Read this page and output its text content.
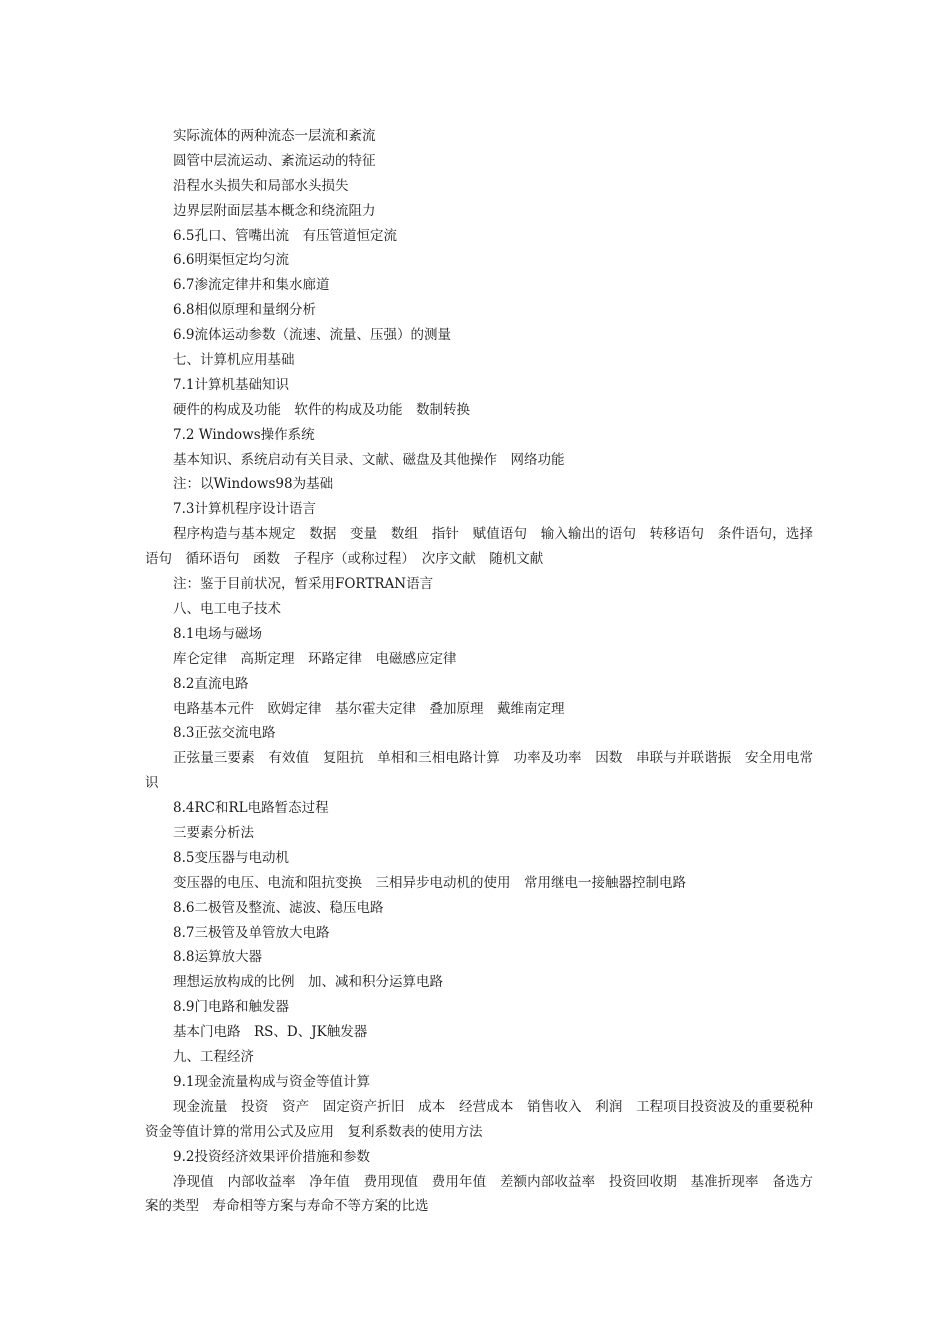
实际流体的两种流态一层流和紊流
圆管中层流运动、紊流运动的特征
沿程水头损失和局部水头损失
边界层附面层基本概念和绕流阻力
6.5孔口、管嘴出流　有压管道恒定流
6.6明渠恒定均匀流
6.7渗流定律井和集水廊道
6.8相似原理和量纲分析
6.9流体运动参数（流速、流量、压强）的测量
七、计算机应用基础
7.1计算机基础知识
硬件的构成及功能　软件的构成及功能　数制转换
7.2 Windows操作系统
基本知识、系统启动有关目录、文献、磁盘及其他操作　网络功能
注：以Windows98为基础
7.3计算机程序设计语言
程序构造与基本规定　数据　变量　数组　指针　赋值语句　输入输出的语句　转移语句　条件语句，选择语句　循环语句　函数　子程序（或称过程）　次序文献　随机文献
注：鉴于目前状况，暂采用FORTRAN语言
八、电工电子技术
8.1电场与磁场
库仑定律　高斯定理　环路定律　电磁感应定律
8.2直流电路
电路基本元件　欧姆定律　基尔霍夫定律　叠加原理　戴维南定理
8.3正弦交流电路
正弦量三要素　有效值　复阻抗　单相和三相电路计算　功率及功率　因数　串联与并联谐振　安全用电常识
8.4RC和RL电路暂态过程
三要素分析法
8.5变压器与电动机
变压器的电压、电流和阻抗变换　三相异步电动机的使用　常用继电一接触器控制电路
8.6二极管及整流、滤波、稳压电路
8.7三极管及单管放大电路
8.8运算放大器
理想运放构成的比例　加、减和积分运算电路
8.9门电路和触发器
基本门电路　RS、D、JK触发器
九、工程经济
9.1现金流量构成与资金等值计算
现金流量　投资　资产　固定资产折旧　成本　经营成本　销售收入　利润　工程项目投资波及的重要税种　资金等值计算的常用公式及应用　复利系数表的使用方法
9.2投资经济效果评价措施和参数
净现值　内部收益率　净年值　费用现值　费用年值　差额内部收益率　投资回收期　基准折现率　备选方案的类型　寿命相等方案与寿命不等方案的比选
